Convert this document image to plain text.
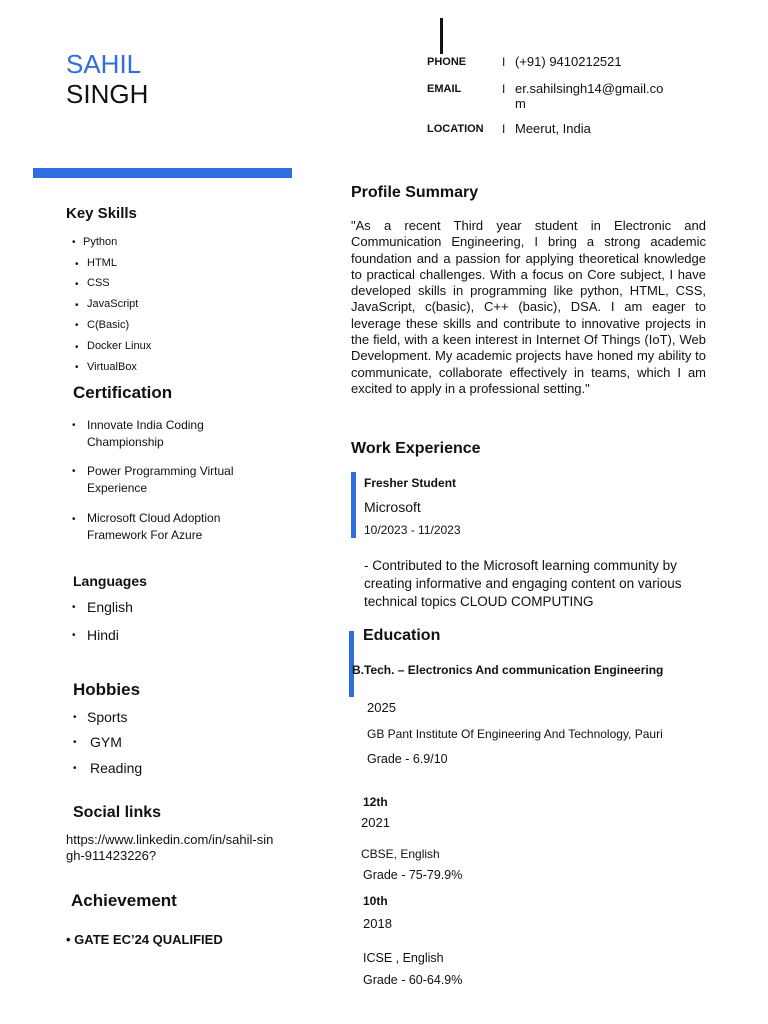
SAHIL
SINGH
PHONE	I (+91) 9410212521
EMAIL	I er.sahilsingh14@gmail.com
LOCATION I Meerut, India
Key Skills
• Python
• HTML
• CSS
• JavaScript
• C(Basic)
• Docker Linux
• VirtualBox
Certification
• Innovate India Coding Championship
• Power Programming Virtual Experience
• Microsoft Cloud Adoption Framework For Azure
Languages
• English
• Hindi
Hobbies
• Sports
• GYM
• Reading
Social links
https://www.linkedin.com/in/sahil-singh-911423226?
Achievement
• GATE EC’24 QUALIFIED
Profile Summary
"As a recent Third year student in Electronic and Communication Engineering, I bring a strong academic foundation and a passion for applying theoretical knowledge to practical challenges. With a focus on Core subject, I have developed skills in programming like python, HTML, CSS, JavaScript, c(basic), C++ (basic), DSA. I am eager to leverage these skills and contribute to innovative projects in the field, with a keen interest in Internet Of Things (IoT), Web Development. My academic projects have honed my ability to communicate, collaborate effectively in teams, which I am excited to apply in a professional setting."
Work Experience
Fresher Student
Microsoft
10/2023 - 11/2023
- Contributed to the Microsoft learning community by creating informative and engaging content on various technical topics CLOUD COMPUTING
Education
B.Tech. – Electronics And communication Engineering
2025
GB Pant Institute Of Engineering And Technology, Pauri
Grade - 6.9/10
12th
2021
CBSE, English
Grade - 75-79.9%
10th
2018
ICSE , English
Grade - 60-64.9%
